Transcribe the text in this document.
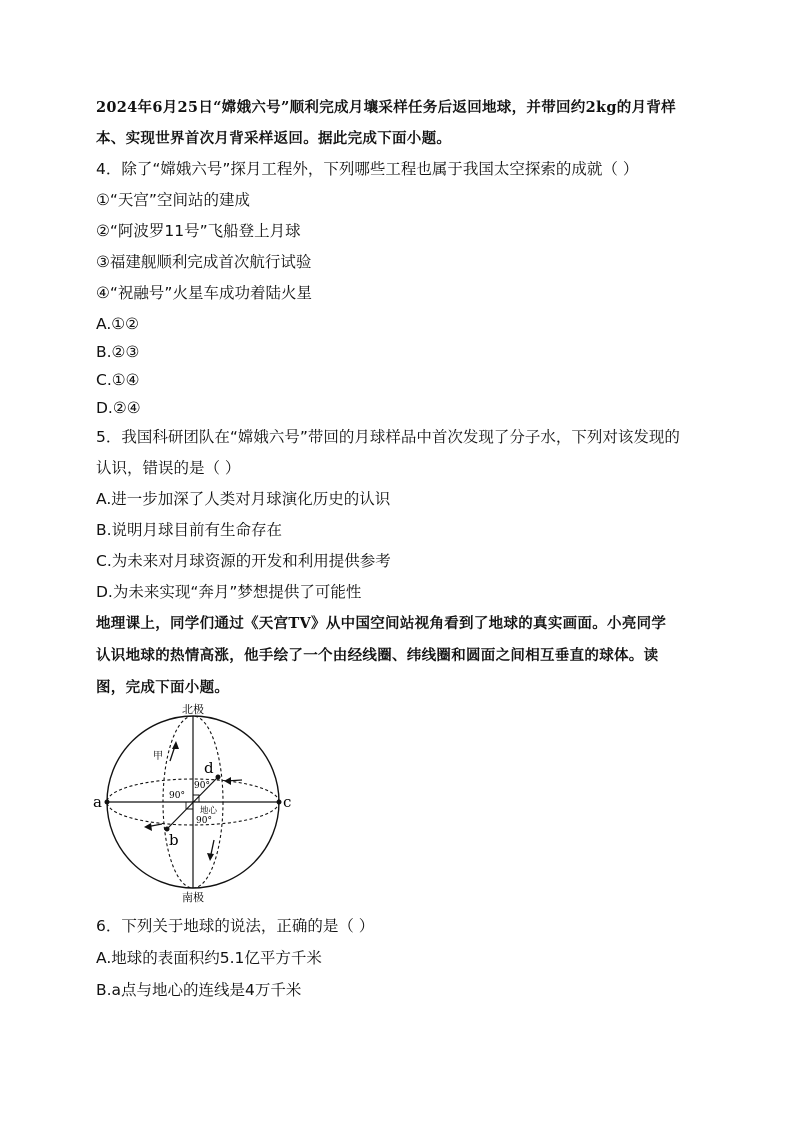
2024年6月25日“嫦娥六号”顺利完成月壤采样任务后返回地球，并带回约2kg的月背样
本、实现世界首次月背采样返回。据此完成下面小题。
4．除了“嫦娥六号”探月工程外，下列哪些工程也属于我国太空探索的成就（ ）
①“天宫”空间站的建成
②“阿波罗11号”飞船登上月球
③福建舰顺利完成首次航行试验
④“祝融号”火星车成功着陆火星
A.①②
B.②③
C.①④
D.②④
5．我国科研团队在“嫦娥六号”带回的月球样品中首次发现了分子水，下列对该发现的
认识，错误的是（ ）
A.进一步加深了人类对月球演化历史的认识
B.说明月球目前有生命存在
C.为未来对月球资源的开发和利用提供参考
D.为未来实现“奔月”梦想提供了可能性
地理课上，同学们通过《天宫TV》从中国空间站视角看到了地球的真实画面。小亮同学
认识地球的热情高涨，他手绘了一个由经线圈、纬线圈和圆面之间相互垂直的球体。读
图，完成下面小题。
北极
南极
甲
a	c
b
d
地心
90°
90°
90°
6．下列关于地球的说法，正确的是（ ）
A.地球的表面积约5.1亿平方千米
B.a点与地心的连线是4万千米
